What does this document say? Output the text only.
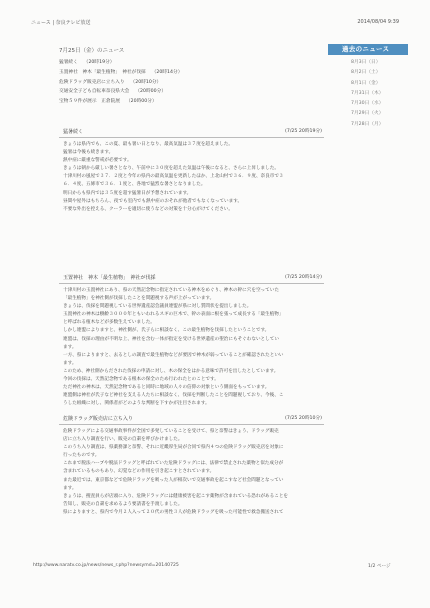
ニュース | 奈良テレビ放送	2014/08/04 9:39
7月25日（金）のニュース
猛暑続く （20時19分）
玉置神社　神木「最生植物」　神社が伐採 （20時14分）
危険ドラッグ販売店に立ち入り （20時10分）
交通安全子ども自転車奈良県大会 （20時00分）
宝物５９件が展示　正倉院展 （20時00分）
猛暑続く	(7/25 20時19分)

きょうは県内でも、この夏、最も暑い日となり、最高気温は３７度を超えました。

猛暑は今後も続きます。

熱中症に厳重な警戒が必要です。

きょうは朝から厳しい暑さとなり、午前中に３０度を超えた気温は午後になると、さらに上昇しました。

十津川村の風屋で３７．２度と今年の県内の最高気温を更新したほか、上北山村で３６．９度、奈良市で３

６．４度、五條市で３６．１度と、各地で猛烈な暑さとなりました。

明日からも県内では３５度を超す猛暑日が予想されています。

昼間や屋外はもちろん、夜でも室内でも熱中症のおそれが他者でもなくなっています。

不要な外出を控える、クーラーを適切に使うなどの対策を十分心がけてください。

玉置神社　神木「最生植物」　神社が伐採	(7/25 20時14分)

十津川村の玉置神社にあり、県の天然記念物に指定されている神木をめぐり、神木の幹に穴を空っていた

「最生植物」を神社側が伐採したことを問題視する声が上がっています。

きょうは、伐採を問題視している世界遺産認会議員連盟が県に対し質問状を提出しました。

玉置神社の神木は樹齢３０００年ともいわれるスギの巨木で、幹の表面に根を張って成長する「最生植物」

と呼ばれる植木などが多数生えていました。

しかし連盟によりますと、神社側が、氏子らに相談なく、この最生植物を伐採したということです。

連盟は、伐採の理由が不明な上、神社を含む一体が指定を受ける世界遺産の聖治にもそぐわないとしてい

ます。

一方、県によりますと、去るとしの調査で最生植物などが要因で神木が弱っていることが確認されたといい

ます。

このため、神社側からだされた伐採の申請に対し、木の保全をはかる意味で許可を出したとしています。

今回の伐採は、天然記念物である根本の保全のため行われたとのことです。

ただ神社の神木は、天然記念物であると同時に地域の人々の信仰の対象という側面をもっています。

連盟側は神社が氏子など神社を支える人たちに相談なく、伐採を判断したことを問題視しており、今後、こ

うした組織に対し、関係者がどのような判断を下すかが注目されます。

危険ドラッグ販売店に立ち入り	(7/25 20時10分)

危険ドラッグによる交通事故事件が全国で多発していることを受けて、県と奈警はきょう、ドラッグ販売

店に立ち入り調査を行い、販売の自粛を呼びかけました。

このうち入り調査は、県薬務課と奈警、それに近畿厚生局が合同で県内４つの危険ドラッグ販売店を対象に

行ったものです。

これまで脱法ハーブや脱法ドラッグと呼ばれていた危険ドラッグには、法律で禁止された薬物と似た成分が

含まれているものもあり、幻覚などの作用を引き起こすとされています。

また最近では、東京都などで危険ドラッグを吸った人が相次いで交通事故を起こすなど社会問題となってい

ます。

きょうは、捜査員らが店頭に入り、危険ドラッグには健康被害を起こす薬物が含まれている恐れがあることを

告知し、販売の自粛を求めるよう要請書を手渡しました。

県によりますと、県内で今月２人入って２０代の男性３人が危険ドラッグを吸った可能性で救急搬送されて

過去のニュース
8月3日（日）
8月2日（土）
8月1日（金）
7月31日（木）
7月30日（水）
7月29日（火）
7月28日（月）
http://www.naratv.co.jp/news/news_r.php?newsymd=20140725	1/2 ページ
